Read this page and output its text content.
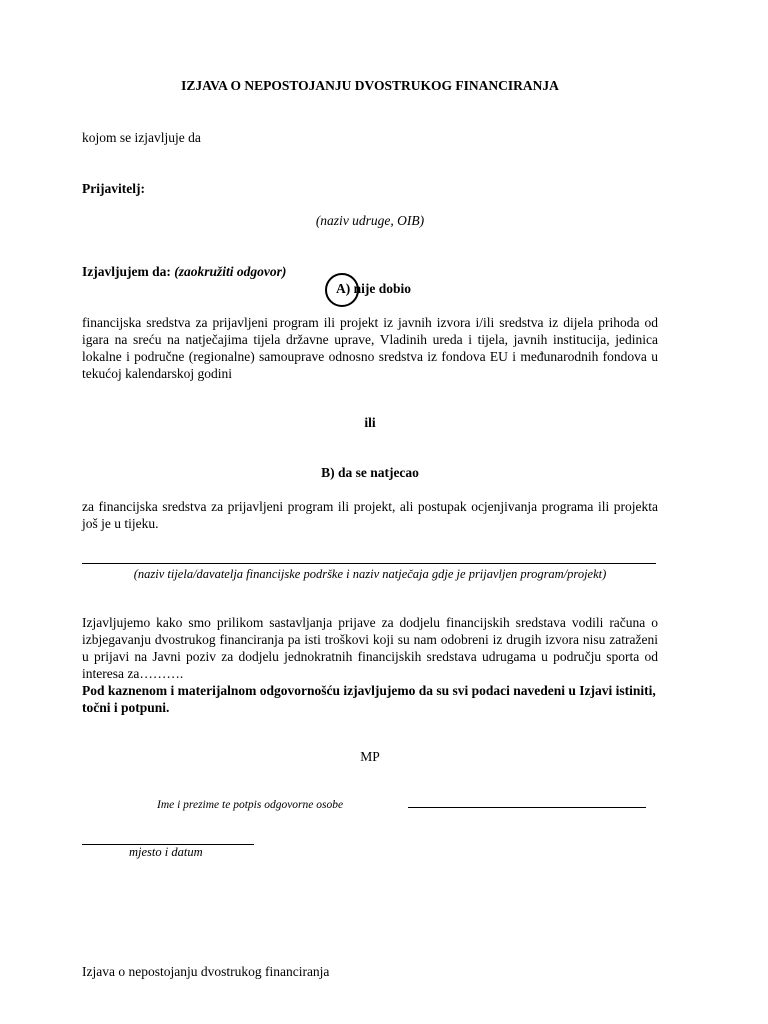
IZJAVA O NEPOSTOJANJU DVOSTRUKOG FINANCIRANJA
kojom se izjavljuje da
Prijavitelj:
(naziv udruge, OIB)
Izjavljujem da: (zaokružiti odgovor)
A) nije dobio
financijska sredstva za prijavljeni program ili projekt iz javnih izvora i/ili sredstva iz dijela prihoda od igara na sreću na natječajima tijela državne uprave, Vladinih ureda i tijela, javnih institucija, jedinica lokalne i područne (regionalne) samouprave odnosno sredstva iz fondova EU i međunarodnih fondova u tekućoj kalendarskoj godini
ili
B) da se natjecao
za financijska sredstva za prijavljeni program ili projekt, ali postupak ocjenjivanja programa ili projekta još je u tijeku.
(naziv tijela/davatelja financijske podrške i naziv natječaja gdje je prijavljen program/projekt)
Izjavljujemo kako smo prilikom sastavljanja prijave za dodjelu financijskih sredstava vodili računa o izbjegavanju dvostrukog financiranja pa isti troškovi koji su nam odobreni iz drugih izvora nisu zatraženi u prijavi na Javni poziv za dodjelu jednokratnih financijskih sredstava udrugama u području sporta od interesa za……….
Pod kaznenom i materijalnom odgovornošću izjavljujemo da su svi podaci navedeni u Izjavi istiniti, točni i potpuni.
MP
Ime i prezime te potpis odgovorne osobe
mjesto i datum
Izjava o nepostojanju dvostrukog financiranja
